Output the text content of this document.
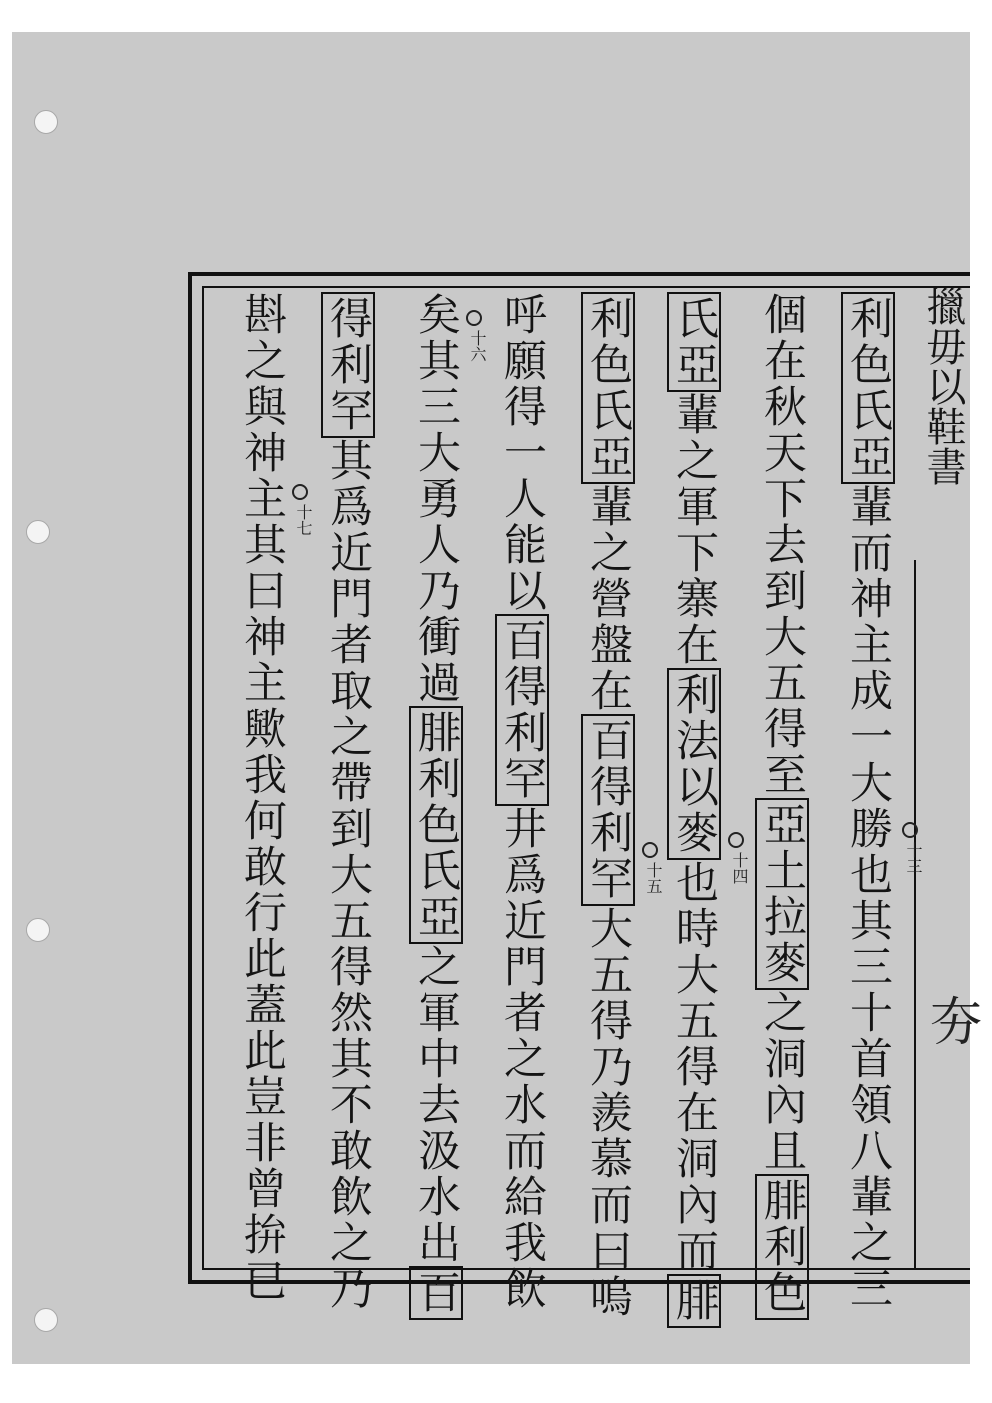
擸毋以鞋書
夯
利色氏亞輩而神主成一大勝也其三十首領八輩之三
個在秋天下去到大五得至亞土拉麥之洞內且腓利色
氏亞輩之軍下寨在利法以麥也時大五得在洞內而腓
利色氏亞輩之營盤在百得利罕大五得乃羨慕而曰嗚
呼願得一人能以百得利罕井爲近門者之水而給我飲
矣其三大勇人乃衝過腓利色氏亞之軍中去汲水出百
得利罕其爲近門者取之帶到大五得然其不敢飲之乃
斟之與神主其曰神主歟我何敢行此蓋此豈非曾拚已	十三
十四
十五
十六
十七
